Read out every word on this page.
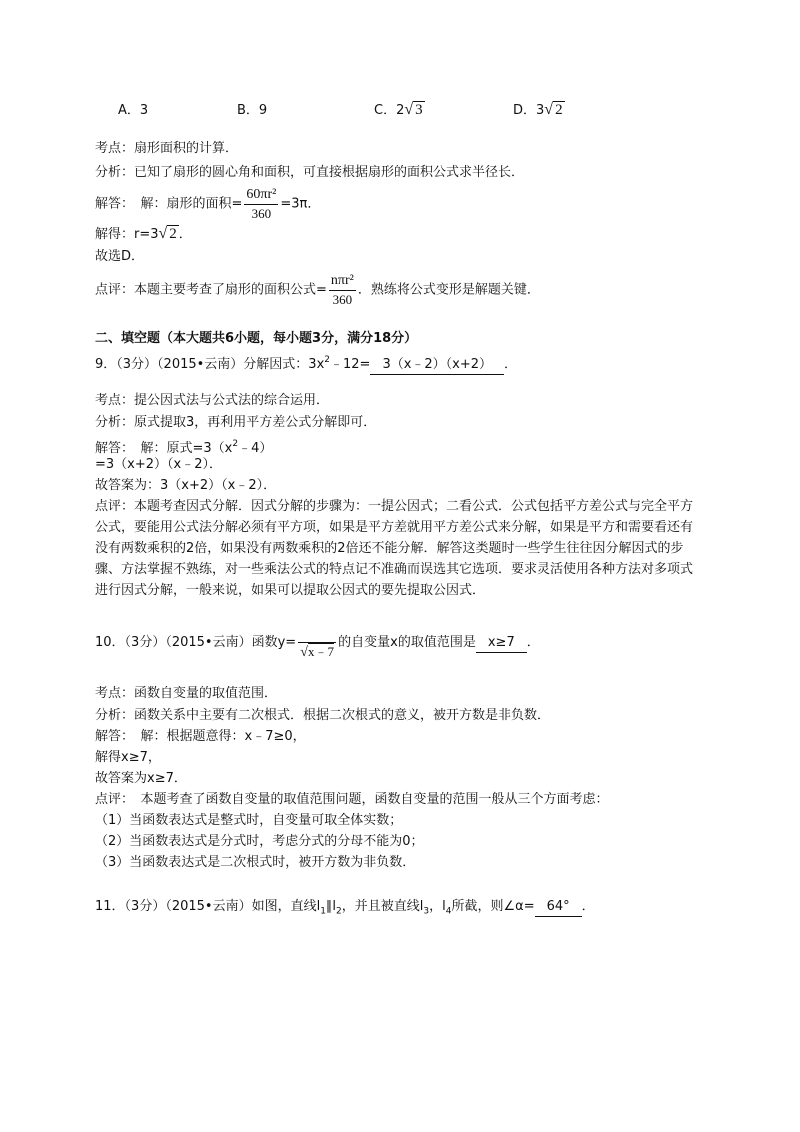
A．3	B．9	C．2√ 3	D．3√ 2
考点：扇形面积的计算．
分析：已知了扇形的圆心角和面积，可直接根据扇形的面积公式求半径长．
解答：　解：扇形的面积= $\frac{\text{60πr²}}{360} =3\pi$．
解得：r=3√ 2 ．
故选D．
点评：本题主要考查了扇形的面积公式= $\frac{\text{nπr²}}{360}$ ．熟练将公式变形是解题关键．
二、填空题（本大题共6小题，每小题3分，满分18分）
9．（3分）（2015•云南）分解因式：$3x^2﹣12=$ 3（x﹣2）（x+2） ．
考点：提公因式法与公式法的综合运用．
分析：原式提取3，再利用平方差公式分解即可．
解答：　解：原式$=3(x^2﹣4)$
=3（x+2）（x﹣2）．
故答案为：3（x+2）（x﹣2）．
点评：本题考查因式分解．因式分解的步骤为：一提公因式；二看公式．公式包括平方差公式与完全平方公式，要能用公式法分解必须有平方项，如果是平方差就用平方差公式来分解，如果是平方和需要看还有没有两数乘积的2倍，如果没有两数乘积的2倍还不能分解．解答这类题时一些学生往往因分解因式的步骤、方法掌握不熟练，对一些乘法公式的特点记不准确而误选其它选项．要求灵活使用各种方法对多项式进行因式分解，一般来说，如果可以提取公因式的要先提取公因式．
10．（3分）（2015•云南）函数y=

√x﹣7
的自变量x的取值范围是 x≥7 ．
考点：函数自变量的取值范围．
分析：函数关系中主要有二次根式．根据二次根式的意义，被开方数是非负数．
解答：　解：根据题意得：x﹣7≥0，
解得x≥7，
故答案为x≥7．
点评：　本题考查了函数自变量的取值范围问题，函数自变量的范围一般从三个方面考虑：
（1）当函数表达式是整式时，自变量可取全体实数；
（2）当函数表达式是分式时，考虑分式的分母不能为0；
（3）当函数表达式是二次根式时，被开方数为非负数．
11．（3分）（2015•云南）如图，直线$l_1\parallel l_2$，并且被直线$l_3$，$l_4$所截，则∠α= 64° ．
